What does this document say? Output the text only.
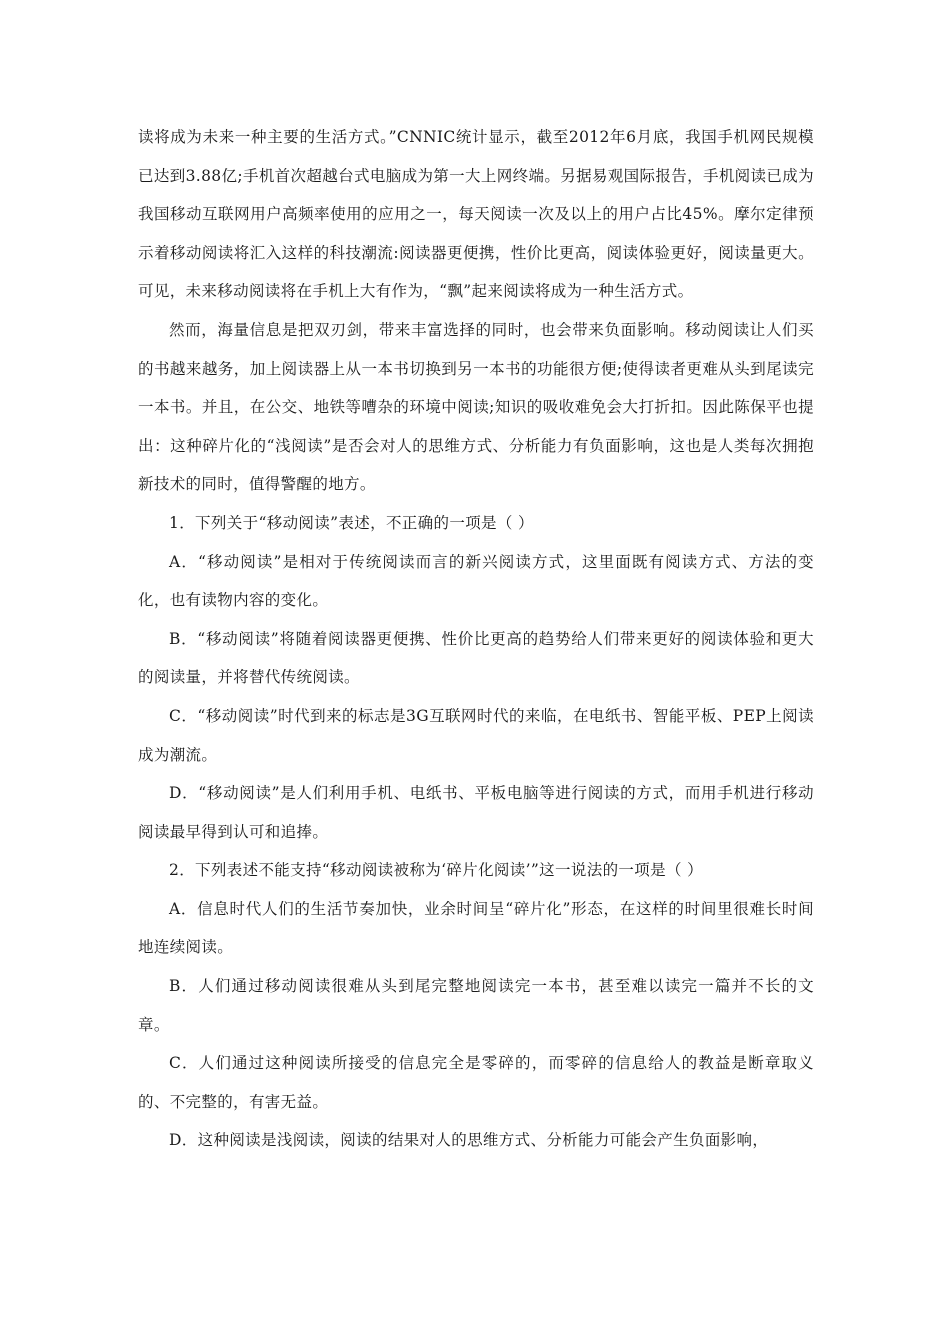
读将成为未来一种主要的生活方式。”CNNIC统计显示，截至2012年6月底，我国手机网民规模已达到3.88亿;手机首次超越台式电脑成为第一大上网终端。另据易观国际报告，手机阅读已成为我国移动互联网用户高频率使用的应用之一，每天阅读一次及以上的用户占比45%。摩尔定律预示着移动阅读将汇入这样的科技潮流:阅读器更便携，性价比更高，阅读体验更好，阅读量更大。可见，未来移动阅读将在手机上大有作为，“飘”起来阅读将成为一种生活方式。

然而，海量信息是把双刃剑，带来丰富选择的同时，也会带来负面影响。移动阅读让人们买的书越来越务，加上阅读器上从一本书切换到另一本书的功能很方便;使得读者更难从头到尾读完一本书。并且，在公交、地铁等嘈杂的环境中阅读;知识的吸收难免会大打折扣。因此陈保平也提出：这种碎片化的“浅阅读”是否会对人的思维方式、分析能力有负面影响，这也是人类每次拥抱新技术的同时，值得警醒的地方。

1．下列关于“移动阅读”表述，不正确的一项是（ ）

A．“移动阅读”是相对于传统阅读而言的新兴阅读方式，这里面既有阅读方式、方法的变化，也有读物内容的变化。

B．“移动阅读”将随着阅读器更便携、性价比更高的趋势给人们带来更好的阅读体验和更大的阅读量，并将替代传统阅读。

C．“移动阅读”时代到来的标志是3G互联网时代的来临，在电纸书、智能平板、PEP上阅读成为潮流。

D．“移动阅读”是人们利用手机、电纸书、平板电脑等进行阅读的方式，而用手机进行移动阅读最早得到认可和追捧。

2．下列表述不能支持“移动阅读被称为‘碎片化阅读’”这一说法的一项是（ ）

A．信息时代人们的生活节奏加快，业余时间呈“碎片化”形态，在这样的时间里很难长时间地连续阅读。

B．人们通过移动阅读很难从头到尾完整地阅读完一本书，甚至难以读完一篇并不长的文章。

C．人们通过这种阅读所接受的信息完全是零碎的，而零碎的信息给人的教益是断章取义的、不完整的，有害无益。

D．这种阅读是浅阅读，阅读的结果对人的思维方式、分析能力可能会产生负面影响，
